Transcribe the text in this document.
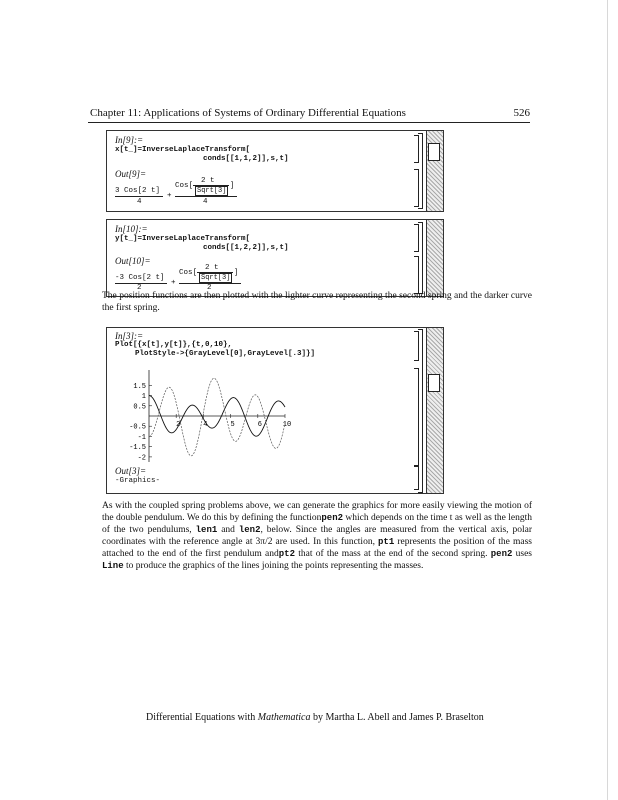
Chapter 11: Applications of Systems of Ordinary Differential Equations	526
In[9]:=
x[t_]=InverseLaplaceTransform[
conds[[1,1,2]],s,t]
Out[9]=
3 Cos[2 t]
4
+
Cos[
2 t
Sqrt[3]
]
4
In[10]:=
y[t_]=InverseLaplaceTransform[
conds[[1,2,2]],s,t]
Out[10]=
-3 Cos[2 t]
2
+
Cos[
2 t
Sqrt[3]
]
2

The position functions are then plotted with the lighter curve representing the second spring and the darker curve the first spring.

In[3]:=
Plot[{x[t],y[t]},{t,0,10},
PlotStyle->{GrayLevel[0],GrayLevel[.3]}]
1.5
1
0.5
-0.5
-1
-1.5
-2
2	4	5	6	10
Out[3]=
-Graphics-

As with the coupled spring problems above, we can generate the graphics for more easily viewing the motion of the double pendulum. We do this by defining the functionpen2 which depends on the time t as well as the length of the two pendulums, len1 and len2, below. Since the angles are measured from the vertical axis, polar coordinates with the reference angle at 3π/2 are used. In this function, pt1 represents the position of the mass attached to the end of the first pendulum andpt2 that of the mass at the end of the second spring. pen2 uses Line to produce the graphics of the lines joining the points representing the masses.

Differential Equations with Mathematica by Martha L. Abell and James P. Braselton
